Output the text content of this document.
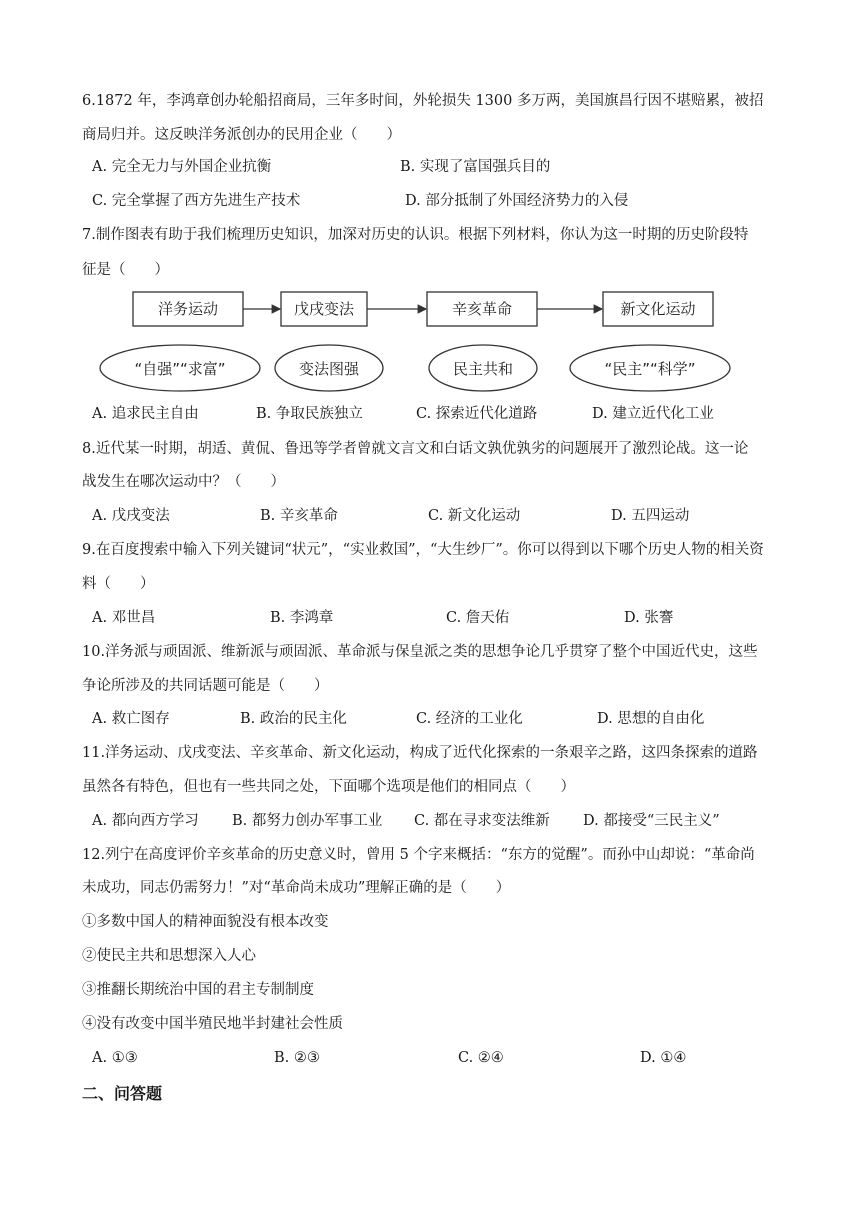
6.1872 年，李鸿章创办轮船招商局，三年多时间，外轮损失 1300 多万两，美国旗昌行因不堪赔累，被招
商局归并。这反映洋务派创办的民用企业（　　）
A. 完全无力与外国企业抗衡	B. 实现了富国强兵目的
C. 完全掌握了西方先进生产技术	D. 部分抵制了外国经济势力的入侵
7.制作图表有助于我们梳理历史知识，加深对历史的认识。根据下列材料，你认为这一时期的历史阶段特
征是（　　）
洋务运动	戊戌变法	辛亥革命	新文化运动
“自强”“求富”	变法图强	民主共和	“民主”“科学”
A. 追求民主自由	B. 争取民族独立	C. 探索近代化道路	D. 建立近代化工业
8.近代某一时期，胡适、黄侃、鲁迅等学者曾就文言文和白话文孰优孰劣的问题展开了激烈论战。这一论
战发生在哪次运动中？（　　）
A. 戊戌变法	B. 辛亥革命	C. 新文化运动	D. 五四运动
9.在百度搜索中输入下列关键词“状元”，“实业救国”，“大生纱厂”。你可以得到以下哪个历史人物的相关资
料（　　）
A. 邓世昌	B. 李鸿章	C. 詹天佑	D. 张謇
10.洋务派与顽固派、维新派与顽固派、革命派与保皇派之类的思想争论几乎贯穿了整个中国近代史，这些
争论所涉及的共同话题可能是（　　）
A. 救亡图存	B. 政治的民主化	C. 经济的工业化	D. 思想的自由化
11.洋务运动、戊戌变法、辛亥革命、新文化运动，构成了近代化探索的一条艰辛之路，这四条探索的道路
虽然各有特色，但也有一些共同之处，下面哪个选项是他们的相同点（　　）
A. 都向西方学习 B. 都努力创办军事工业 C. 都在寻求变法维新 D. 都接受“三民主义”
12.列宁在高度评价辛亥革命的历史意义时，曾用 5 个字来概括：“东方的觉醒”。而孙中山却说：“革命尚
未成功，同志仍需努力！”对“革命尚未成功”理解正确的是（　　）
①多数中国人的精神面貌没有根本改变
②使民主共和思想深入人心
③推翻长期统治中国的君主专制制度
④没有改变中国半殖民地半封建社会性质
A. ①③	B. ②③	C. ②④	D. ①④
二、问答题
